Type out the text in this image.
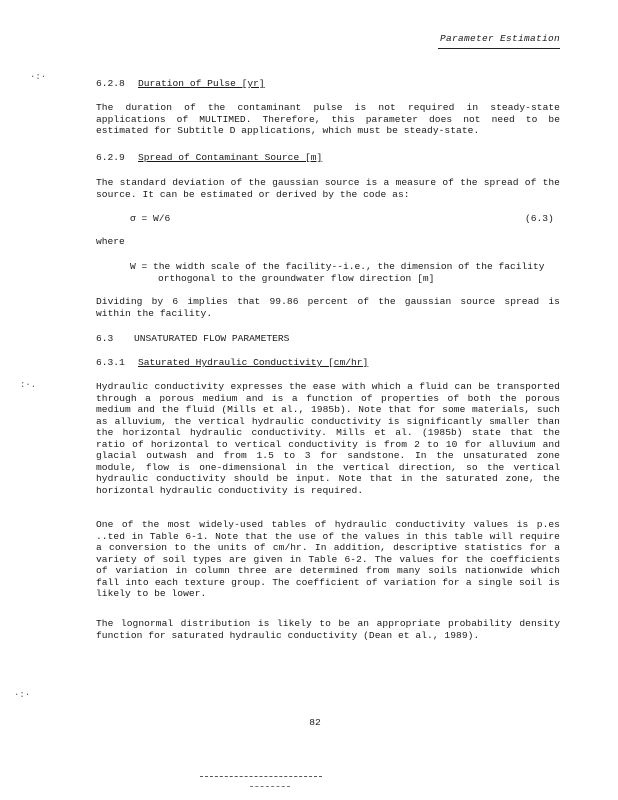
·:·
:·.
·:·
Parameter Estimation
6.2.8 Duration of Pulse [yr]

The duration of the contaminant pulse is not required in steady-state applications of MULTIMED. Therefore, this parameter does not need to be estimated for Subtitle D applications, which must be steady-state.

6.2.9 Spread of Contaminant Source [m]

The standard deviation of the gaussian source is a measure of the spread of the source. It can be estimated or derived by the code as:

σ = W/6	(6.3)
where
W = the width scale of the facility--i.e., the dimension of the facility
orthogonal to the groundwater flow direction [m]

Dividing by 6 implies that 99.86 percent of the gaussian source spread is within the facility.

6.3 UNSATURATED FLOW PARAMETERS
6.3.1 Saturated Hydraulic Conductivity [cm/hr]

Hydraulic conductivity expresses the ease with which a fluid can be transported through a porous medium and is a function of properties of both the porous medium and the fluid (Mills et al., 1985b). Note that for some materials, such as alluvium, the vertical hydraulic conductivity is significantly smaller than the horizontal hydraulic conductivity. Mills et al. (1985b) state that the ratio of horizontal to vertical conductivity is from 2 to 10 for alluvium and glacial outwash and from 1.5 to 3 for sandstone. In the unsaturated zone module, flow is one-dimensional in the vertical direction, so the vertical hydraulic conductivity should be input. Note that in the saturated zone, the horizontal hydraulic conductivity is required.

One of the most widely-used tables of hydraulic conductivity values is p.es ..ted in Table 6-1. Note that the use of the values in this table will require a conversion to the units of cm/hr. In addition, descriptive statistics for a variety of soil types are given in Table 6-2. The values for the coefficients of variation in column three are determined from many soils nationwide which fall into each texture group. The coefficient of variation for a single soil is likely to be lower.

The lognormal distribution is likely to be an appropriate probability density function for saturated hydraulic conductivity (Dean et al., 1989).

82
